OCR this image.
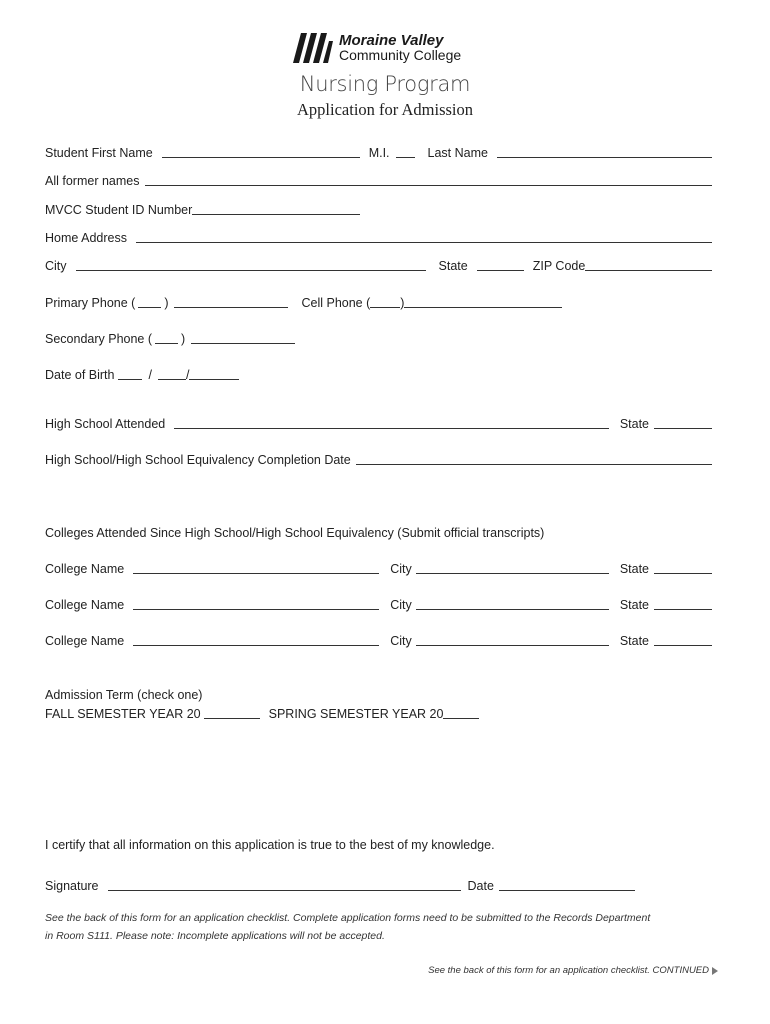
Moraine Valley
Community College
Nursing Program
Application for Admission
Student First Name	M.I.	Last Name
All former names
MVCC Student ID Number
Home Address
City	State	ZIP Code
Primary Phone ( )	Cell Phone ( )
Secondary Phone ( )
Date of Birth	/	/
High School Attended	State
High School/High School Equivalency Completion Date
Colleges Attended Since High School/High School Equivalency (Submit official transcripts)
College Name	City	State
College Name	City	State
College Name	City	State
Admission Term (check one)
FALL SEMESTER YEAR 20	SPRING SEMESTER YEAR 20
I certify that all information on this application is true to the best of my knowledge.
Signature	Date
See the back of this form for an application checklist. Complete application forms need to be submitted to the Records Department
in Room S111. Please note: Incomplete applications will not be accepted.
See the back of this form for an application checklist. CONTINUED
